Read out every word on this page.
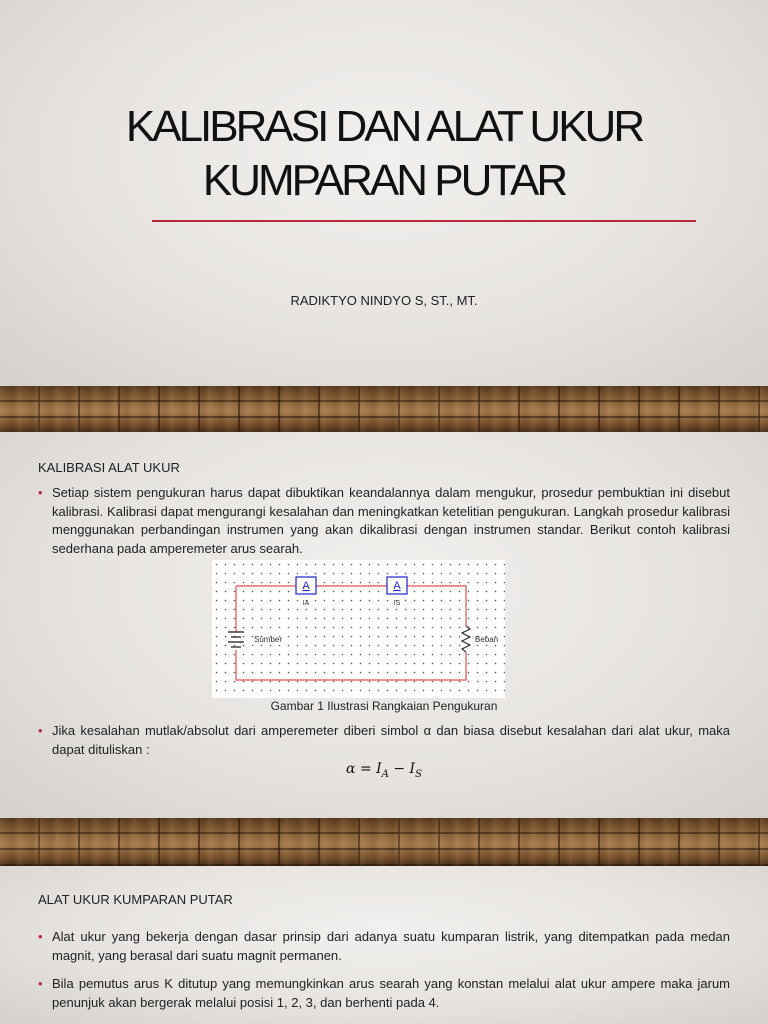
KALIBRASI DAN ALAT UKUR
KUMPARAN PUTAR
RADIKTYO NINDYO S, ST., MT.
KALIBRASI ALAT UKUR
• Setiap sistem pengukuran harus dapat dibuktikan keandalannya dalam mengukur, prosedur pembuktian ini disebut kalibrasi. Kalibrasi dapat mengurangi kesalahan dan meningkatkan ketelitian pengukuran. Langkah prosedur kalibrasi menggunakan perbandingan instrumen yang akan dikalibrasi dengan instrumen standar. Berikut contoh kalibrasi sederhana pada amperemeter arus searah.
Sumber
A
IA
A
IS
Beban
Gambar 1 Ilustrasi Rangkaian Pengukuran
• Jika kesalahan mutlak/absolut dari amperemeter diberi simbol α dan biasa disebut kesalahan dari alat ukur, maka dapat dituliskan :
$\alpha = I_A - I_S$
ALAT UKUR KUMPARAN PUTAR
• Alat ukur yang bekerja dengan dasar prinsip dari adanya suatu kumparan listrik, yang ditempatkan pada medan magnit, yang berasal dari suatu magnit permanen.
• Bila pemutus arus K ditutup yang memungkinkan arus searah yang konstan melalui alat ukur ampere maka jarum penunjuk akan bergerak melalui posisi 1, 2, 3, dan berhenti pada 4.
